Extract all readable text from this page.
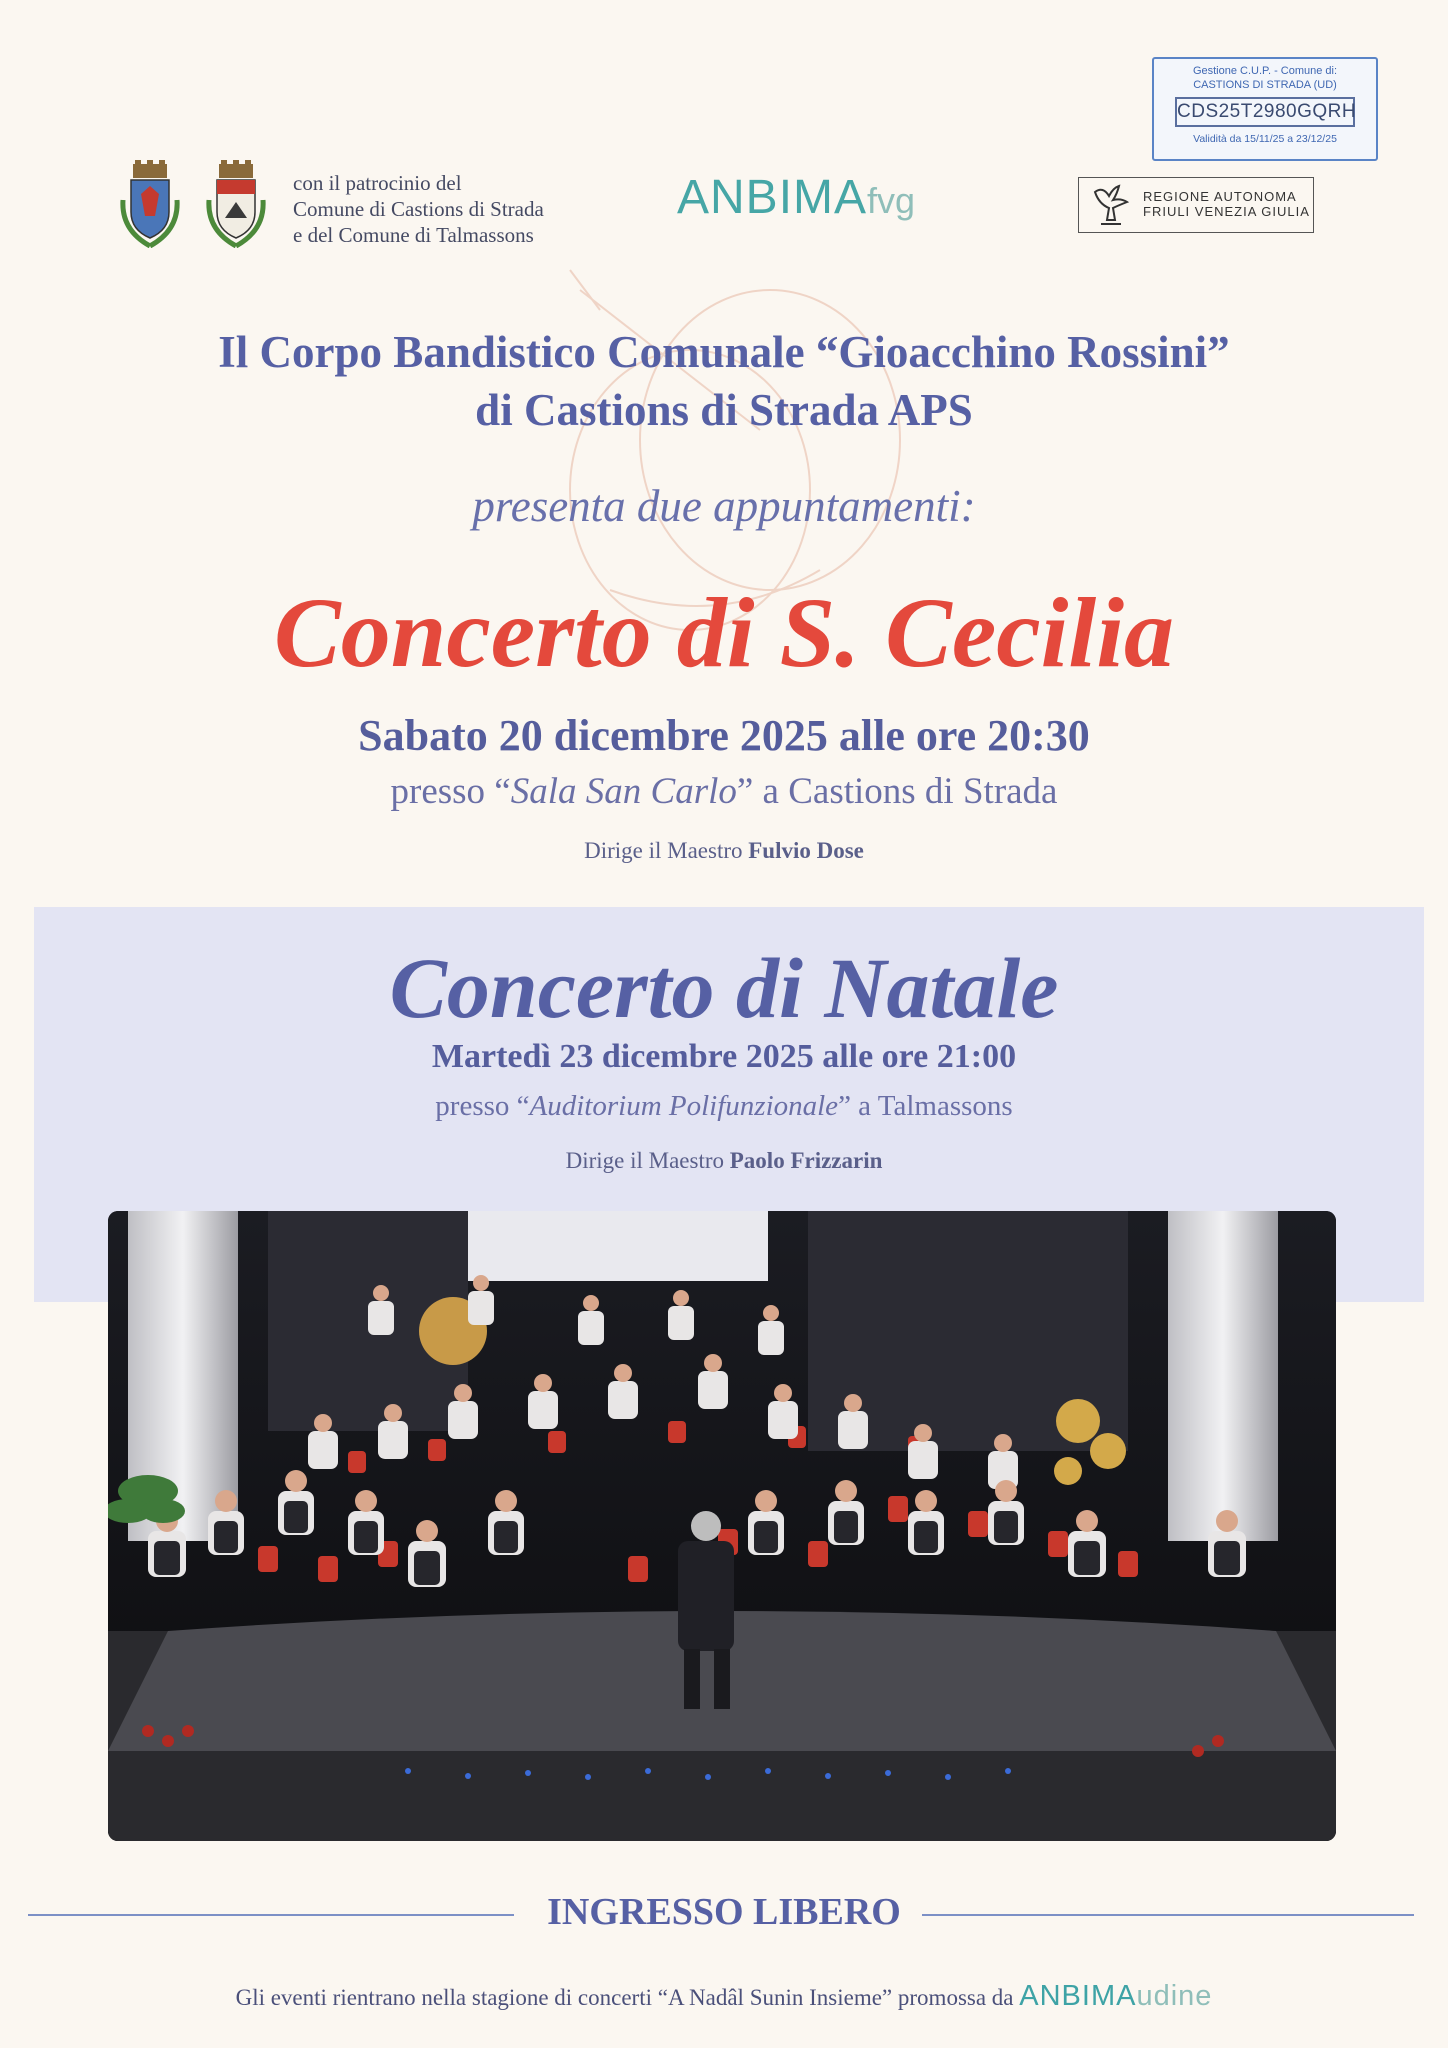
Gestione C.U.P. - Comune di:
CASTIONS DI STRADA (UD)
CDS25T2980GQRH
Validità da 15/11/25 a 23/12/25
con il patrocinio del
Comune di Castions di Strada
e del Comune di Talmassons
ANBIMAfvg	REGIONE AUTONOMA
FRIULI VENEZIA GIULIA
Il Corpo Bandistico Comunale “Gioacchino Rossini”
di Castions di Strada APS
presenta due appuntamenti:
Concerto di S. Cecilia
Sabato 20 dicembre 2025 alle ore 20:30
presso “Sala San Carlo” a Castions di Strada
Dirige il Maestro Fulvio Dose
Concerto di Natale
Martedì 23 dicembre 2025 alle ore 21:00
presso “Auditorium Polifunzionale” a Talmassons
Dirige il Maestro Paolo Frizzarin
INGRESSO LIBERO
Gli eventi rientrano nella stagione di concerti “A Nadâl Sunin Insieme” promossa da ANBIMAudine
